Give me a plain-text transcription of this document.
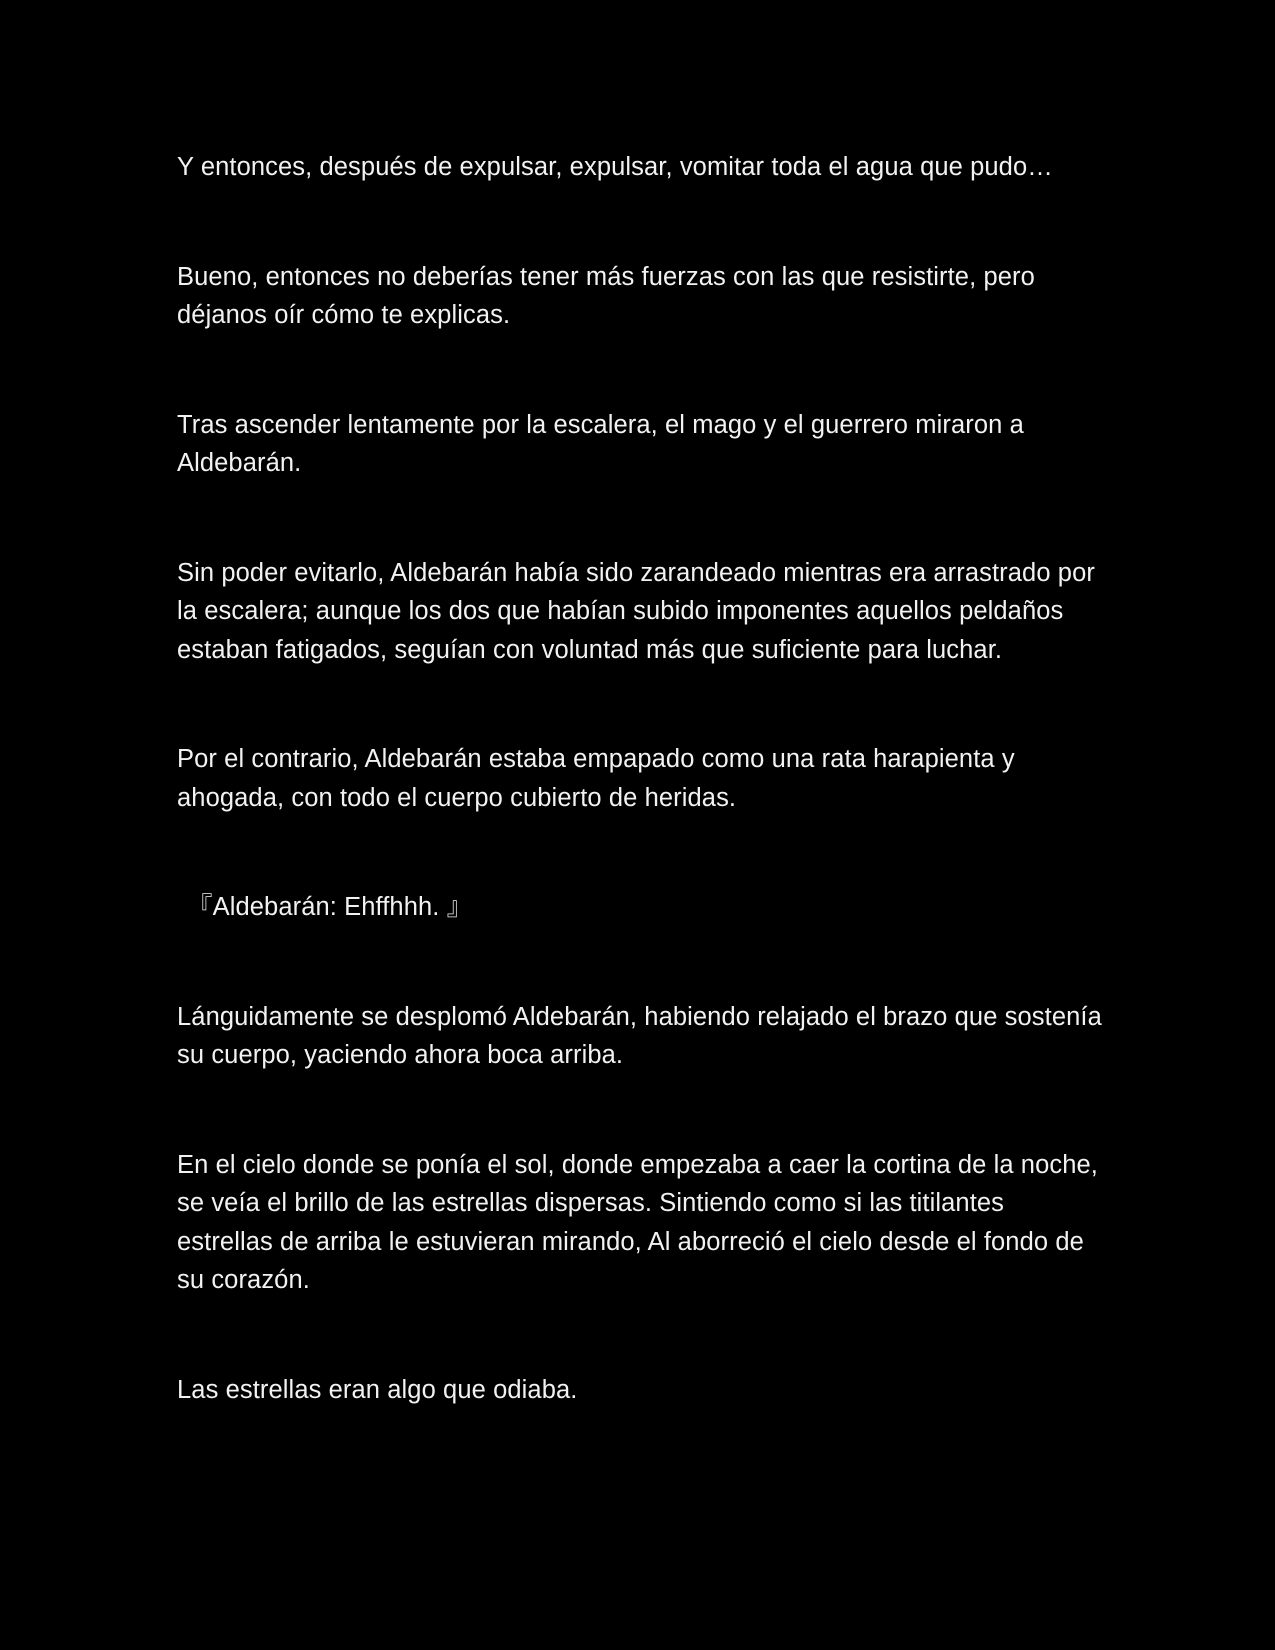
Y entonces, después de expulsar, expulsar, vomitar toda el agua que pudo…

Bueno, entonces no deberías tener más fuerzas con las que resistirte, pero déjanos oír cómo te explicas.

Tras ascender lentamente por la escalera, el mago y el guerrero miraron a Aldebarán.

Sin poder evitarlo, Aldebarán había sido zarandeado mientras era arrastrado por la escalera; aunque los dos que habían subido imponentes aquellos peldaños estaban fatigados, seguían con voluntad más que suficiente para luchar.

Por el contrario, Aldebarán estaba empapado como una rata harapienta y ahogada, con todo el cuerpo cubierto de heridas.

『Aldebarán: Ehffhhh. 』

Lánguidamente se desplomó Aldebarán, habiendo relajado el brazo que sostenía su cuerpo, yaciendo ahora boca arriba.

En el cielo donde se ponía el sol, donde empezaba a caer la cortina de la noche, se veía el brillo de las estrellas dispersas. Sintiendo como si las titilantes estrellas de arriba le estuvieran mirando, Al aborreció el cielo desde el fondo de su corazón.

Las estrellas eran algo que odiaba.
